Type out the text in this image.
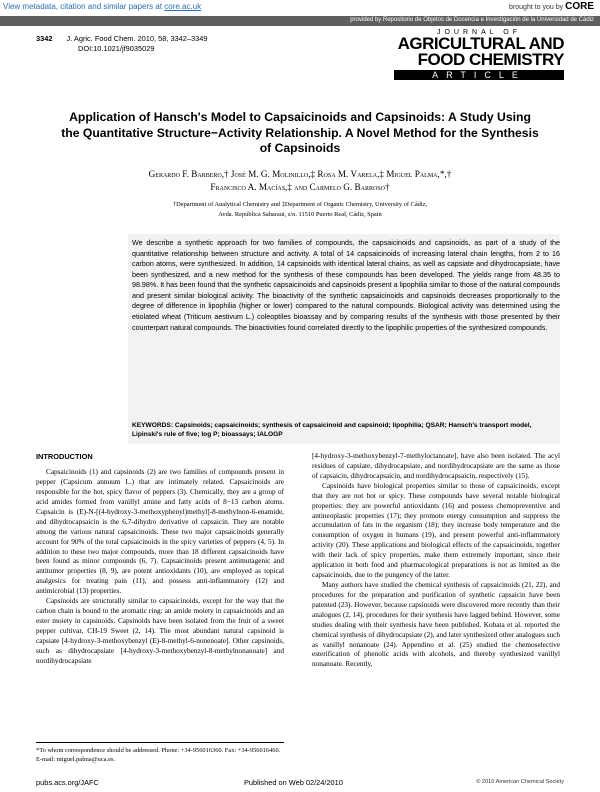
View metadata, citation and similar papers at core.ac.uk	brought to you by CORE
provided by Repositorio de Objetos de Docencia e Investigación de la Universidad de Cádiz
3342 J. Agric. Food Chem. 2010, 58, 3342–3349
DOI:10.1021/jf9035029
JOURNAL OF
AGRICULTURAL AND
FOOD CHEMISTRY
ARTICLE
Application of Hansch's Model to Capsaicinoids and Capsinoids: A Study Using the Quantitative Structure−Activity Relationship. A Novel Method for the Synthesis of Capsinoids
Gerardo F. Barbero,† José M. G. Molinillo,‡ Rosa M. Varela,‡ Miguel Palma,*,†
Francisco A. Macías,‡ and Carmelo G. Barroso†
†Department of Analytical Chemistry and ‡Department of Organic Chemistry, University of Cádiz,
Avda. República Saharaui, s/n. 11510 Puerto Real, Cádiz, Spain
We describe a synthetic approach for two families of compounds, the capsaicinoids and capsinoids, as part of a study of the quantitative relationship between structure and activity. A total of 14 capsaicinoids of increasing lateral chain lengths, from 2 to 16 carbon atoms, were synthesized. In addition, 14 capsinoids with identical lateral chains, as well as capsiate and dihydrocapsiate, have been synthesized, and a new method for the synthesis of these compounds has been developed. The yields range from 48.35 to 98.98%. It has been found that the synthetic capsaicinoids and capsinoids present a lipophilia similar to those of the natural compounds and present similar biological activity. The bioactivity of the synthetic capsaicinoids and capsinoids decreases proportionally to the degree of difference in lipophilia (higher or lower) compared to the natural compounds. Biological activity was determined using the etiolated wheat (Triticum aestivum L.) coleoptiles bioassay and by comparing results of the synthesis with those presented by their counterpart natural compounds. The bioactivities found correlated directly to the lipophilic properties of the synthesized compounds.
KEYWORDS: Capsinoids; capsaicinoids; synthesis of capsaicinoid and capsinoid; lipophilia; QSAR; Hansch's transport model, Lipinski's rule of five; log P; bioassays; IALOGP
INTRODUCTION

Capsaicinoids (1) and capsinoids (2) are two families of compounds present in pepper (Capsicum annuum L.) that are intimately related. Capsaicinoids are responsible for the hot, spicy flavor of peppers (3). Chemically, they are a group of acid amides formed from vanillyl amine and fatty acids of 8−13 carbon atoms. Capsaicin is (E)-N-[(4-hydroxy-3-methoxyphenyl)methyl]-8-methylnon-6-enamide, and dihydrocapsaicin is the 6,7-dihydro derivative of capsaicin. They are notable among the various natural capsaicinoids. These two major capsaicinoids generally account for 90% of the total capsaicinoids in the spicy varieties of peppers (4, 5). In addition to these two major compounds, more than 18 different capsaicinoids have been found as minor compounds (6, 7). Capsaicinoids present antimutagenic and antitumor properties (8, 9), are potent antioxidants (10), are employed as topical analgesics for treating pain (11), and possess anti-inflammatory (12) and antimicrobial (13) properties.

Capsinoids are structurally similar to capsaicinoids, except for the way that the carbon chain is bound to the aromatic ring: an amide moiety in capsaicinoids and an ester moiety in capsinoids. Capsinoids have been isolated from the fruit of a sweet pepper cultivar, CH-19 Sweet (2, 14). The most abundant natural capsinoid is capsiate [4-hydroxy-3-methoxybenzyl (E)-8-methyl-6-nonenoate]. Other capsinoids, such as dihydrocapsiate [4-hydroxy-3-methoxybenzyl-8-methylnonanoate] and nordihydrocapsiate

[4-hydroxy-3-methoxybenzyl-7-methyloctanoate], have also been isolated. The acyl residues of capsiate, dihydrocapsiate, and nordihydrocapsiate are the same as those of capsaicin, dihydrocapsaicin, and nordihydrocapsaicin, respectively (15).

Capsinoids have biological properties similar to those of capsaicinoids, except that they are not hot or spicy. These compounds have several notable biological properties: they are powerful antioxidants (16) and possess chemopreventive and antineoplastic properties (17); they promote energy consumption and suppress the accumulation of fats in the organism (18); they increase body temperature and the consumption of oxygen in humans (19), and present powerful anti-inflammatory activity (20). These applications and biological effects of the capsaicinoids, together with their lack of spicy properties, make them extremely important, since their application in both food and pharmacological preparations is not as limited as the capsaicinoids, due to the pungency of the latter.

Many authors have studied the chemical synthesis of capsaicinoids (21, 22), and procedures for the preparation and purification of synthetic capsaicin have been patented (23). However, because capsinoids were discovered more recently than their analogues (2, 14), procedures for their synthesis have lagged behind. However, some studies dealing with their synthesis have been published. Kobata et al. reported the chemical synthesis of dihydrocapsiate (2), and later synthesized other analogues such as vanillyl nonanoate (24). Appendino et al. (25) studied the chemoselective esterification of phenolic acids with alcohols, and thereby synthesized vanillyl nonanoate. Recently,

*To whom correspondence should be addressed. Phone: +34-956016360. Fax: +34-956016460. E-mail: miguel.palma@uca.es.
pubs.acs.org/JAFC	Published on Web 02/24/2010	© 2010 American Chemical Society
